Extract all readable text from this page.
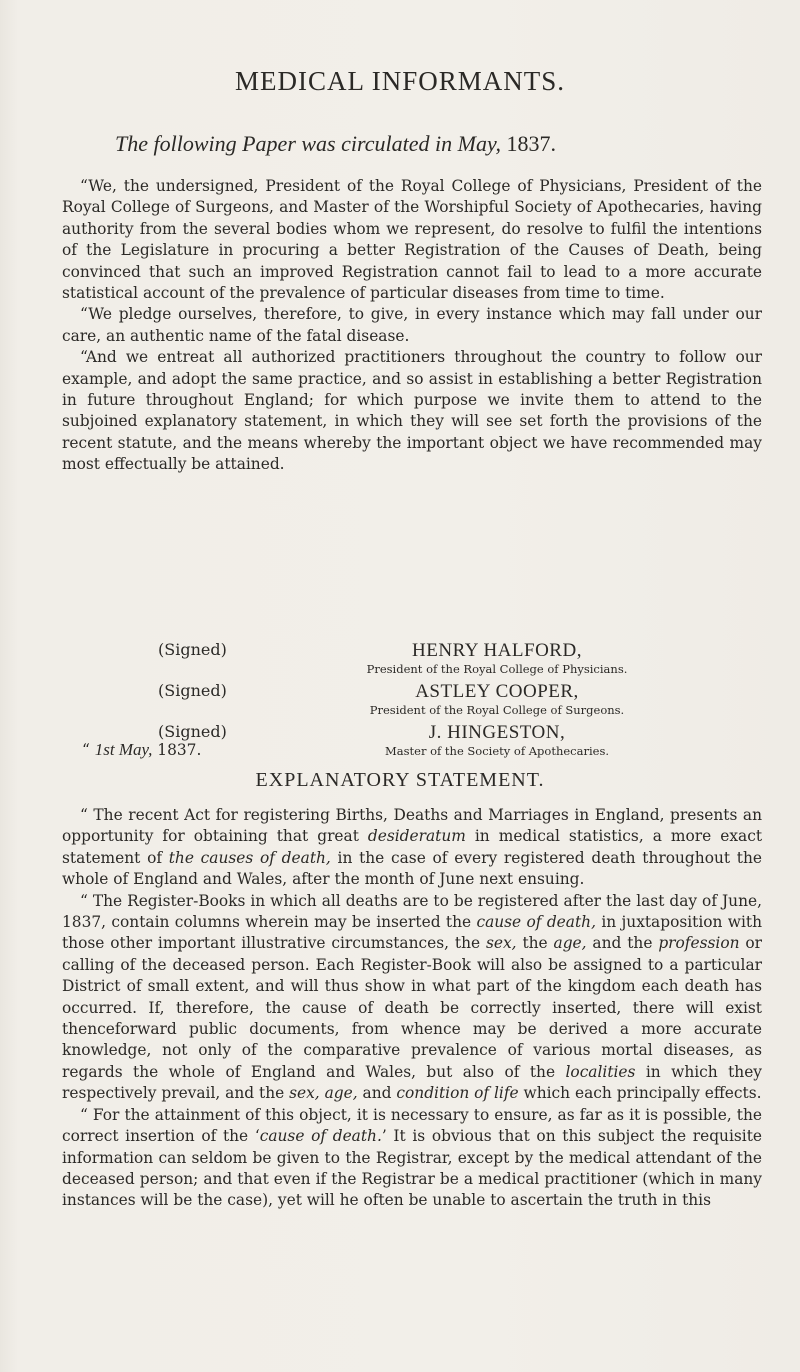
MEDICAL INFORMANTS.
The following Paper was circulated in May, 1837.

“We, the undersigned, President of the Royal College of Physicians, President of the Royal College of Surgeons, and Master of the Worshipful Society of Apothecaries, having authority from the several bodies whom we represent, do resolve to fulfil the intentions of the Legislature in procuring a better Registration of the Causes of Death, being convinced that such an improved Registration cannot fail to lead to a more accurate statistical account of the prevalence of particular diseases from time to time.

“We pledge ourselves, therefore, to give, in every instance which may fall under our care, an authentic name of the fatal disease.

“And we entreat all authorized practitioners throughout the country to follow our example, and adopt the same practice, and so assist in establishing a better Registration in future throughout England; for which purpose we invite them to attend to the subjoined explanatory statement, in which they will see set forth the provisions of the recent statute, and the means whereby the important object we have recommended may most effectually be attained.

(Signed)	HENRY HALFORD,
President of the Royal College of Physicians.
(Signed)	ASTLEY COOPER,
President of the Royal College of Surgeons.
(Signed)	J. HINGESTON,
Master of the Society of Apothecaries.
“ 1st May, 1837.
EXPLANATORY STATEMENT.

“ The recent Act for registering Births, Deaths and Marriages in England, presents an opportunity for obtaining that great desideratum in medical statistics, a more exact statement of the causes of death, in the case of every registered death throughout the whole of England and Wales, after the month of June next ensuing.

“ The Register-Books in which all deaths are to be registered after the last day of June, 1837, contain columns wherein may be inserted the cause of death, in juxtaposition with those other important illustrative circumstances, the sex, the age, and the profession or calling of the deceased person. Each Register-Book will also be assigned to a particular District of small extent, and will thus show in what part of the kingdom each death has occurred. If, therefore, the cause of death be correctly inserted, there will exist thenceforward public documents, from whence may be derived a more accurate knowledge, not only of the comparative prevalence of various mortal diseases, as regards the whole of England and Wales, but also of the localities in which they respectively prevail, and the sex, age, and condition of life which each principally effects.

“ For the attainment of this object, it is necessary to ensure, as far as it is possible, the correct insertion of the ‘cause of death.’ It is obvious that on this subject the requisite information can seldom be given to the Registrar, except by the medical attendant of the deceased person; and that even if the Registrar be a medical practitioner (which in many instances will be the case), yet will he often be unable to ascertain the truth in this
